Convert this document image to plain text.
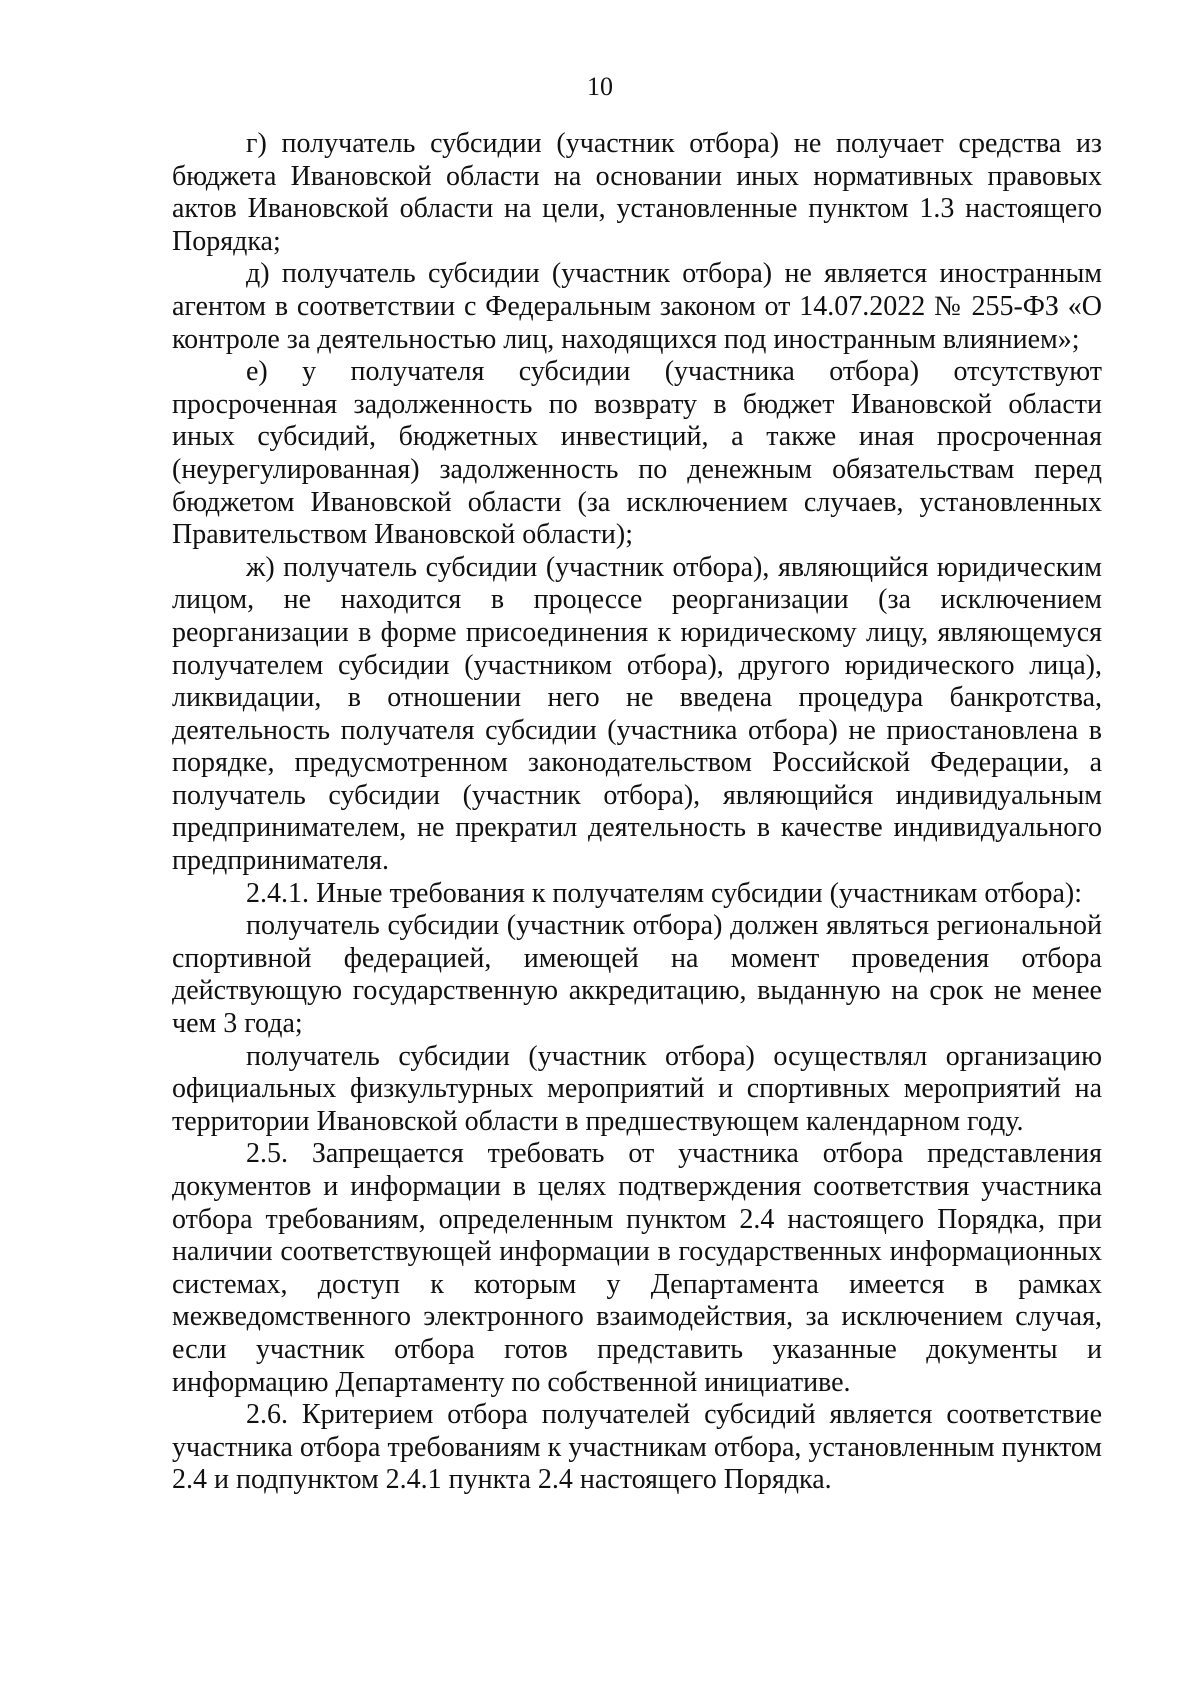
10

г) получатель субсидии (участник отбора) не получает средства из бюджета Ивановской области на основании иных нормативных правовых актов Ивановской области на цели, установленные пунктом 1.3 настоящего Порядка;

д) получатель субсидии (участник отбора) не является иностранным агентом в соответствии с Федеральным законом от 14.07.2022 № 255-ФЗ «О контроле за деятельностью лиц, находящихся под иностранным влиянием»;

е) у получателя субсидии (участника отбора) отсутствуют просроченная задолженность по возврату в бюджет Ивановской области иных субсидий, бюджетных инвестиций, а также иная просроченная (неурегулированная) задолженность по денежным обязательствам перед бюджетом Ивановской области (за исключением случаев, установленных Правительством Ивановской области);

ж) получатель субсидии (участник отбора), являющийся юридическим лицом, не находится в процессе реорганизации (за исключением реорганизации в форме присоединения к юридическому лицу, являющемуся получателем субсидии (участником отбора), другого юридического лица), ликвидации, в отношении него не введена процедура банкротства, деятельность получателя субсидии (участника отбора) не приостановлена в порядке, предусмотренном законодательством Российской Федерации, а получатель субсидии (участник отбора), являющийся индивидуальным предпринимателем, не прекратил деятельность в качестве индивидуального предпринимателя.

2.4.1. Иные требования к получателям субсидии (участникам отбора):

получатель субсидии (участник отбора) должен являться региональной спортивной федерацией, имеющей на момент проведения отбора действующую государственную аккредитацию, выданную на срок не менее чем 3 года;

получатель субсидии (участник отбора) осуществлял организацию официальных физкультурных мероприятий и спортивных мероприятий на территории Ивановской области в предшествующем календарном году.

2.5. Запрещается требовать от участника отбора представления документов и информации в целях подтверждения соответствия участника отбора требованиям, определенным пунктом 2.4 настоящего Порядка, при наличии соответствующей информации в государственных информационных системах, доступ к которым у Департамента имеется в рамках межведомственного электронного взаимодействия, за исключением случая, если участник отбора готов представить указанные документы и информацию Департаменту по собственной инициативе.

2.6. Критерием отбора получателей субсидий является соответствие участника отбора требованиям к участникам отбора, установленным пунктом 2.4 и подпунктом 2.4.1 пункта 2.4 настоящего Порядка.
